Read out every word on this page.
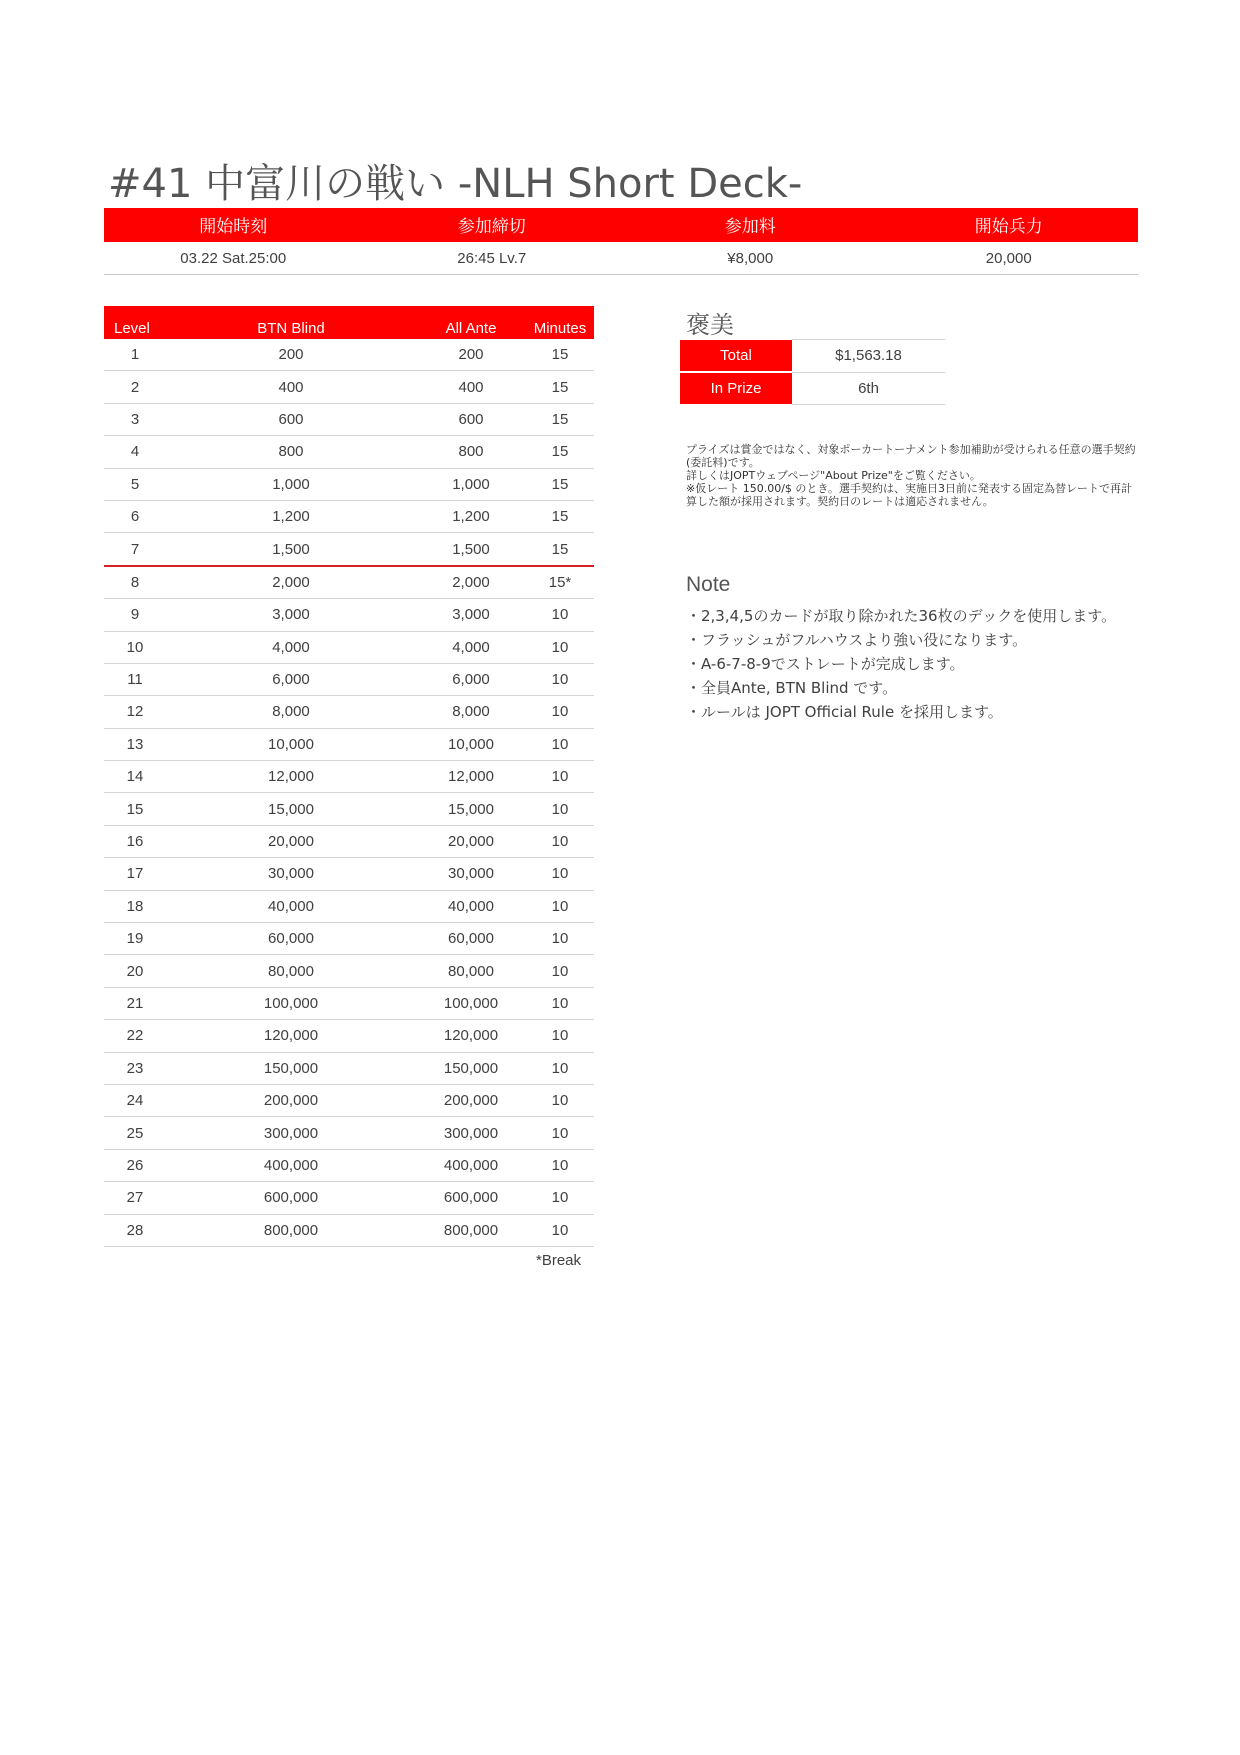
#41 中富川の戦い -NLH Short Deck-
開始時刻	参加締切	参加料	開始兵力
03.22 Sat.25:00	26:45 Lv.7	¥8,000	20,000
Level	BTN Blind	All Ante	Minutes
1	200	200	15
2	400	400	15
3	600	600	15
4	800	800	15
5	1,000	1,000	15
6	1,200	1,200	15
7	1,500	1,500	15
8	2,000	2,000	15*
9	3,000	3,000	10
10	4,000	4,000	10
11	6,000	6,000	10
12	8,000	8,000	10
13	10,000	10,000	10
14	12,000	12,000	10
15	15,000	15,000	10
16	20,000	20,000	10
17	30,000	30,000	10
18	40,000	40,000	10
19	60,000	60,000	10
20	80,000	80,000	10
21	100,000	100,000	10
22	120,000	120,000	10
23	150,000	150,000	10
24	200,000	200,000	10
25	300,000	300,000	10
26	400,000	400,000	10
27	600,000	600,000	10
28	800,000	800,000	10
*Break
褒美
Total	$1,563.18
In Prize	6th

プライズは賞金ではなく、対象ポーカートーナメント参加補助が受けられる任意の選手契約(委託料)です。

詳しくはJOPTウェブページ"About Prize"をご覧ください。

※仮レート 150.00/$ のとき。選手契約は、実施日3日前に発表する固定為替レートで再計算した額が採用されます。契約日のレートは適応されません。

Note
・2,3,4,5のカードが取り除かれた36枚のデックを使用します。
・フラッシュがフルハウスより強い役になります。
・A-6-7-8-9でストレートが完成します。
・全員Ante, BTN Blind です。
・ルールは JOPT Official Rule を採用します。
